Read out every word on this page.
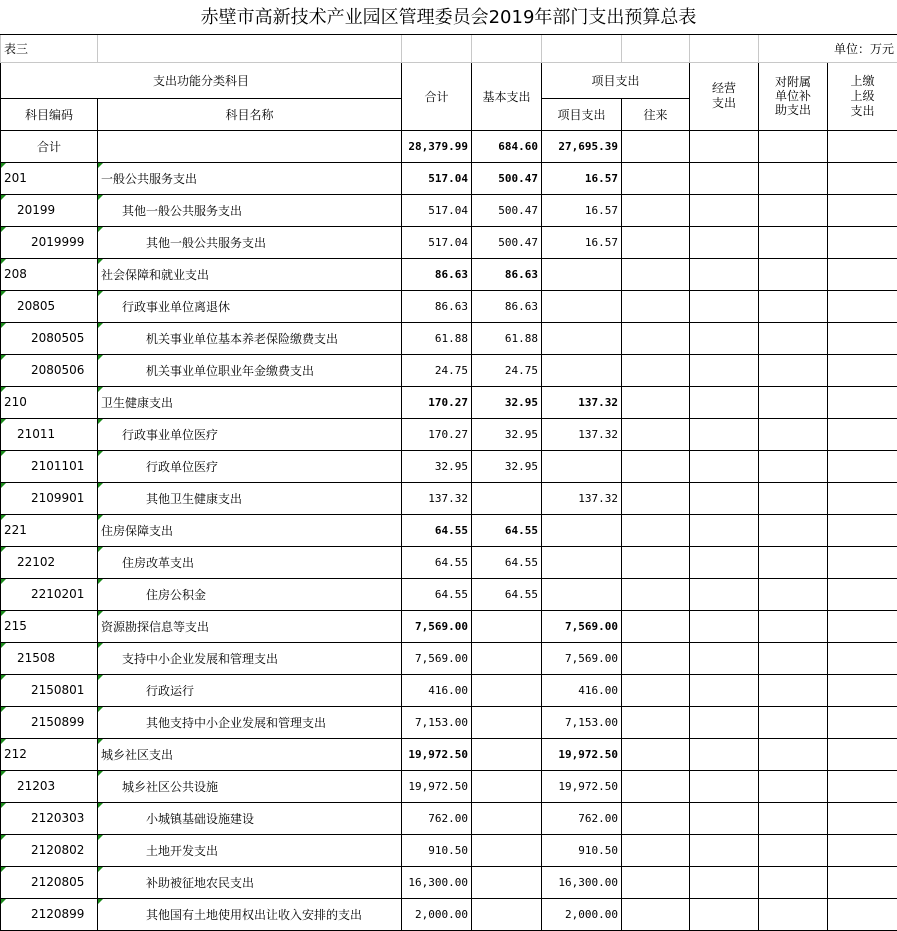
赤壁市高新技术产业园区管理委员会2019年部门支出预算总表
表三							单位：万元	
支出功能分类科目		合计	基本支出	项目支出		经营支出	对附属单位补助支出	上缴上级支出
科目编码	科目名称			项目支出	往来			
合计		28,379.99	684.60	27,695.39				

201	一般公共服务支出	517.04	500.47	16.57				

20199	其他一般公共服务支出	517.04	500.47	16.57				

2019999	其他一般公共服务支出	517.04	500.47	16.57				

208	社会保障和就业支出	86.63	86.63					

20805	行政事业单位离退休	86.63	86.63					

2080505	机关事业单位基本养老保险缴费支出	61.88	61.88					

2080506	机关事业单位职业年金缴费支出	24.75	24.75					

210	卫生健康支出	170.27	32.95	137.32				

21011	行政事业单位医疗	170.27	32.95	137.32				

2101101	行政单位医疗	32.95	32.95					

2109901	其他卫生健康支出	137.32		137.32				

221	住房保障支出	64.55	64.55					

22102	住房改革支出	64.55	64.55					

2210201	住房公积金	64.55	64.55					

215	资源勘探信息等支出	7,569.00		7,569.00				

21508	支持中小企业发展和管理支出	7,569.00		7,569.00				

2150801	行政运行	416.00		416.00				

2150899	其他支持中小企业发展和管理支出	7,153.00		7,153.00				

212	城乡社区支出	19,972.50		19,972.50				

21203	城乡社区公共设施	19,972.50		19,972.50				

2120303	小城镇基础设施建设	762.00		762.00				

2120802	土地开发支出	910.50		910.50				

2120805	补助被征地农民支出	16,300.00		16,300.00				

2120899	其他国有土地使用权出让收入安排的支出	2,000.00		2,000.00				
